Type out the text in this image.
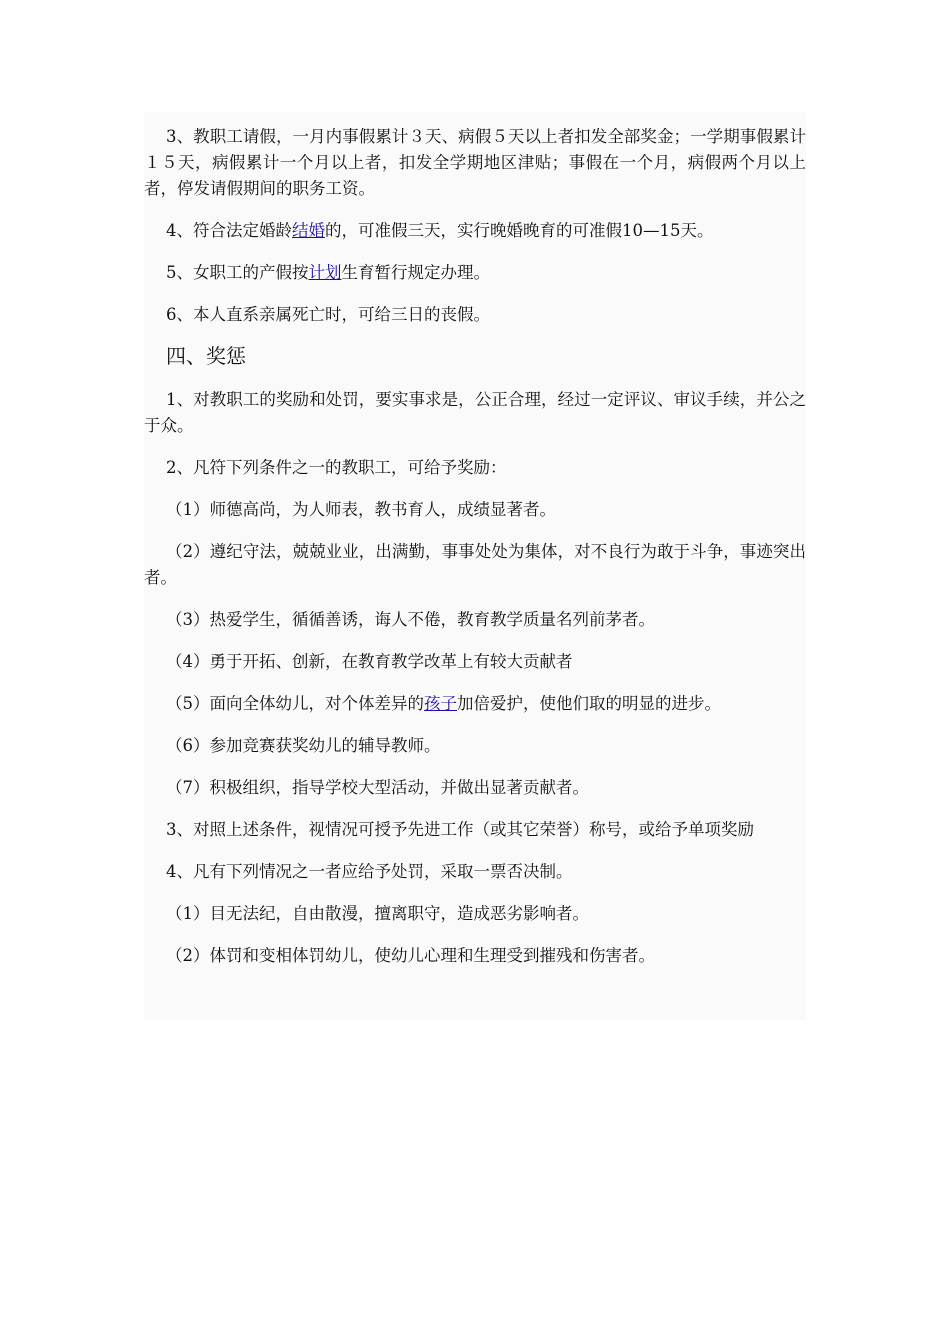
3、教职工请假，一月内事假累计３天、病假５天以上者扣发全部奖金；一学期事假累计１５天，病假累计一个月以上者，扣发全学期地区津贴；事假在一个月，病假两个月以上者，停发请假期间的职务工资。

4、符合法定婚龄结婚的，可准假三天，实行晚婚晚育的可准假10—15天。

5、女职工的产假按计划生育暂行规定办理。

6、本人直系亲属死亡时，可给三日的丧假。

四、奖惩

1、对教职工的奖励和处罚，要实事求是，公正合理，经过一定评议、审议手续，并公之于众。

2、凡符下列条件之一的教职工，可给予奖励：

（1）师德高尚，为人师表，教书育人，成绩显著者。

（2）遵纪守法，兢兢业业，出满勤，事事处处为集体，对不良行为敢于斗争，事迹突出者。

（3）热爱学生，循循善诱，诲人不倦，教育教学质量名列前茅者。

（4）勇于开拓、创新，在教育教学改革上有较大贡献者

（5）面向全体幼儿，对个体差异的孩子加倍爱护，使他们取的明显的进步。

（6）参加竞赛获奖幼儿的辅导教师。

（7）积极组织，指导学校大型活动，并做出显著贡献者。

3、对照上述条件，视情况可授予先进工作（或其它荣誉）称号，或给予单项奖励

4、凡有下列情况之一者应给予处罚，采取一票否决制。

（1）目无法纪，自由散漫，擅离职守，造成恶劣影响者。

（2）体罚和变相体罚幼儿，使幼儿心理和生理受到摧残和伤害者。
